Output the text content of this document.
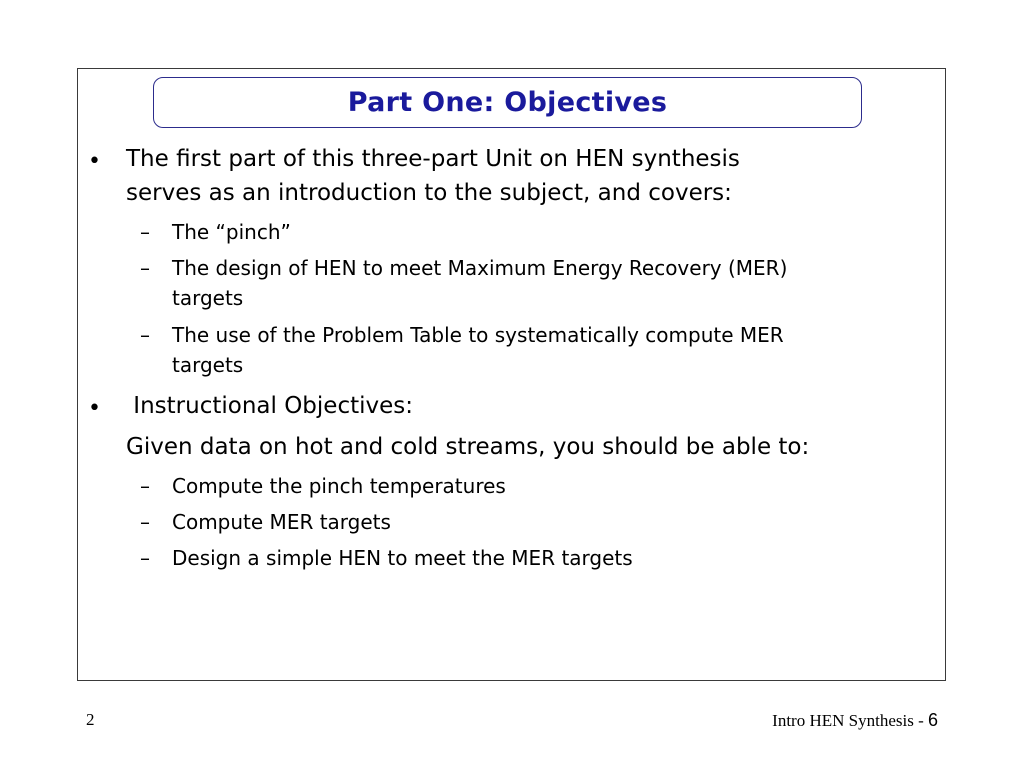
Part One: Objectives
• The first part of this three-part Unit on HEN synthesis
serves as an introduction to the subject, and covers:
– The “pinch”
– The design of HEN to meet Maximum Energy Recovery (MER)
targets
– The use of the Problem Table to systematically compute MER
targets
• Instructional Objectives:
Given data on hot and cold streams, you should be able to:
– Compute the pinch temperatures
– Compute MER targets
– Design a simple HEN to meet the MER targets
2	Intro HEN Synthesis - 6
